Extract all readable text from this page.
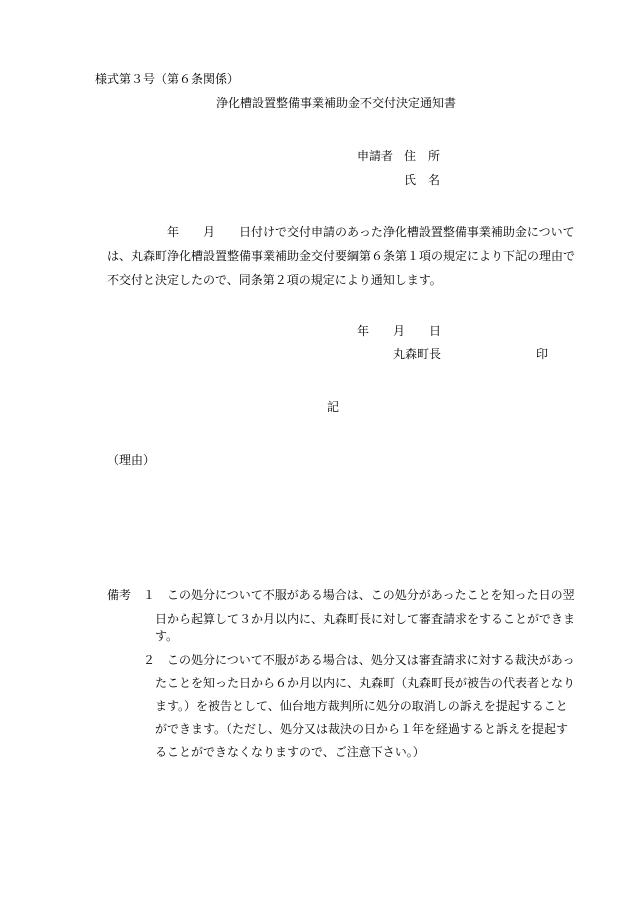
様式第３号（第６条関係）
浄化槽設置整備事業補助金不交付決定通知書
申請者 住　所
氏　名
年 月 日付けで交付申請のあった浄化槽設置整備事業補助金について
は、丸森町浄化槽設置整備事業補助金交付要綱第６条第１項の規定により下記の理由で
不交付と決定したので、同条第２項の規定により通知します。
年 月 日
丸森町長	印
記
（理由）
備考 １ この処分について不服がある場合は、この処分があったことを知った日の翌
日から起算して３か月以内に、丸森町長に対して審査請求をすることができま
す。
２ この処分について不服がある場合は、処分又は審査請求に対する裁決があっ
たことを知った日から６か月以内に、丸森町（丸森町長が被告の代表者となり
ます。）を被告として、仙台地方裁判所に処分の取消しの訴えを提起すること
ができます。（ただし、処分又は裁決の日から１年を経過すると訴えを提起す
ることができなくなりますので、ご注意下さい。）
